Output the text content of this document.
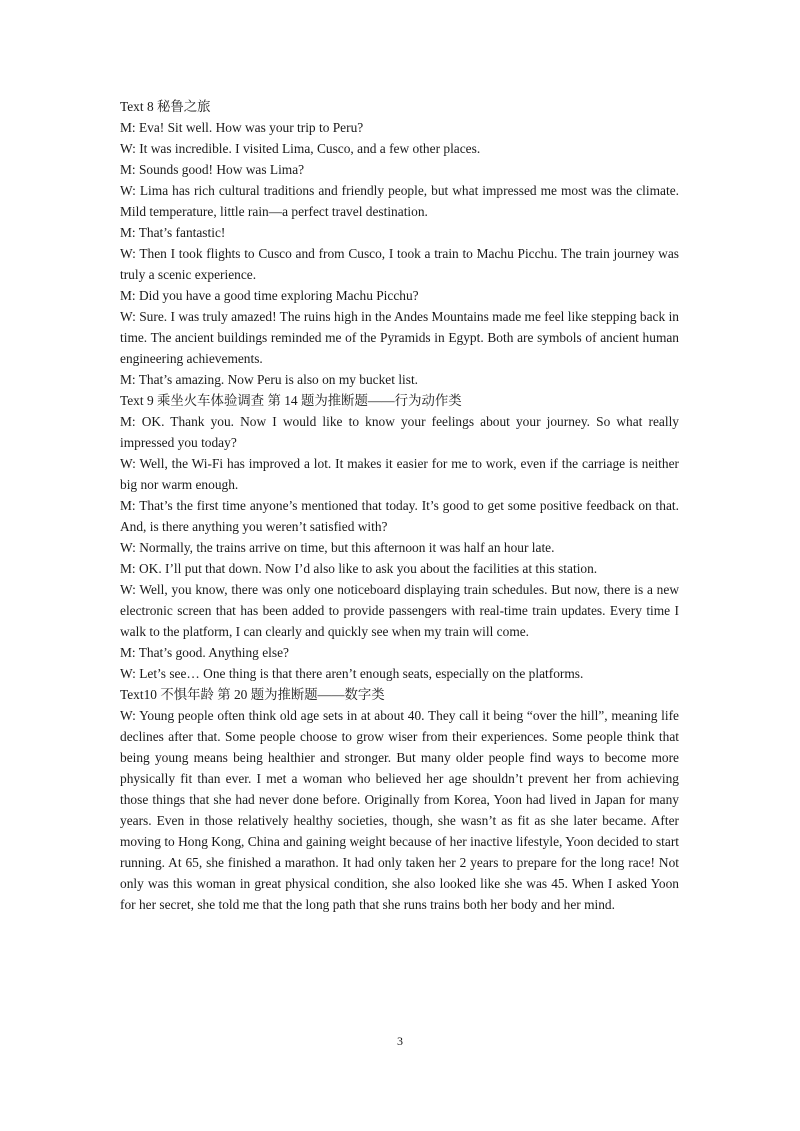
Text 8 秘鲁之旅

M: Eva! Sit well. How was your trip to Peru?

W: It was incredible. I visited Lima, Cusco, and a few other places.

M: Sounds good! How was Lima?

W: Lima has rich cultural traditions and friendly people, but what impressed me most was the climate. Mild temperature, little rain—a perfect travel destination.

M: That’s fantastic!

W: Then I took flights to Cusco and from Cusco, I took a train to Machu Picchu. The train journey was truly a scenic experience.

M: Did you have a good time exploring Machu Picchu?

W: Sure. I was truly amazed! The ruins high in the Andes Mountains made me feel like stepping back in time. The ancient buildings reminded me of the Pyramids in Egypt. Both are symbols of ancient human engineering achievements.

M: That’s amazing. Now Peru is also on my bucket list.

Text 9 乘坐火车体验调查 第 14 题为推断题——行为动作类

M: OK. Thank you. Now I would like to know your feelings about your journey. So what really impressed you today?

W: Well, the Wi-Fi has improved a lot. It makes it easier for me to work, even if the carriage is neither big nor warm enough.

M: That’s the first time anyone’s mentioned that today. It’s good to get some positive feedback on that. And, is there anything you weren’t satisfied with?

W: Normally, the trains arrive on time, but this afternoon it was half an hour late.

M: OK. I’ll put that down. Now I’d also like to ask you about the facilities at this station.

W: Well, you know, there was only one noticeboard displaying train schedules. But now, there is a new electronic screen that has been added to provide passengers with real-time train updates. Every time I walk to the platform, I can clearly and quickly see when my train will come.

M: That’s good. Anything else?

W: Let’s see… One thing is that there aren’t enough seats, especially on the platforms.

Text10 不惧年龄 第 20 题为推断题——数字类

W: Young people often think old age sets in at about 40. They call it being “over the hill”, meaning life declines after that. Some people choose to grow wiser from their experiences. Some people think that being young means being healthier and stronger. But many older people find ways to become more physically fit than ever. I met a woman who believed her age shouldn’t prevent her from achieving those things that she had never done before. Originally from Korea, Yoon had lived in Japan for many years. Even in those relatively healthy societies, though, she wasn’t as fit as she later became. After moving to Hong Kong, China and gaining weight because of her inactive lifestyle, Yoon decided to start running. At 65, she finished a marathon. It had only taken her 2 years to prepare for the long race! Not only was this woman in great physical condition, she also looked like she was 45. When I asked Yoon for her secret, she told me that the long path that she runs trains both her body and her mind.

3
